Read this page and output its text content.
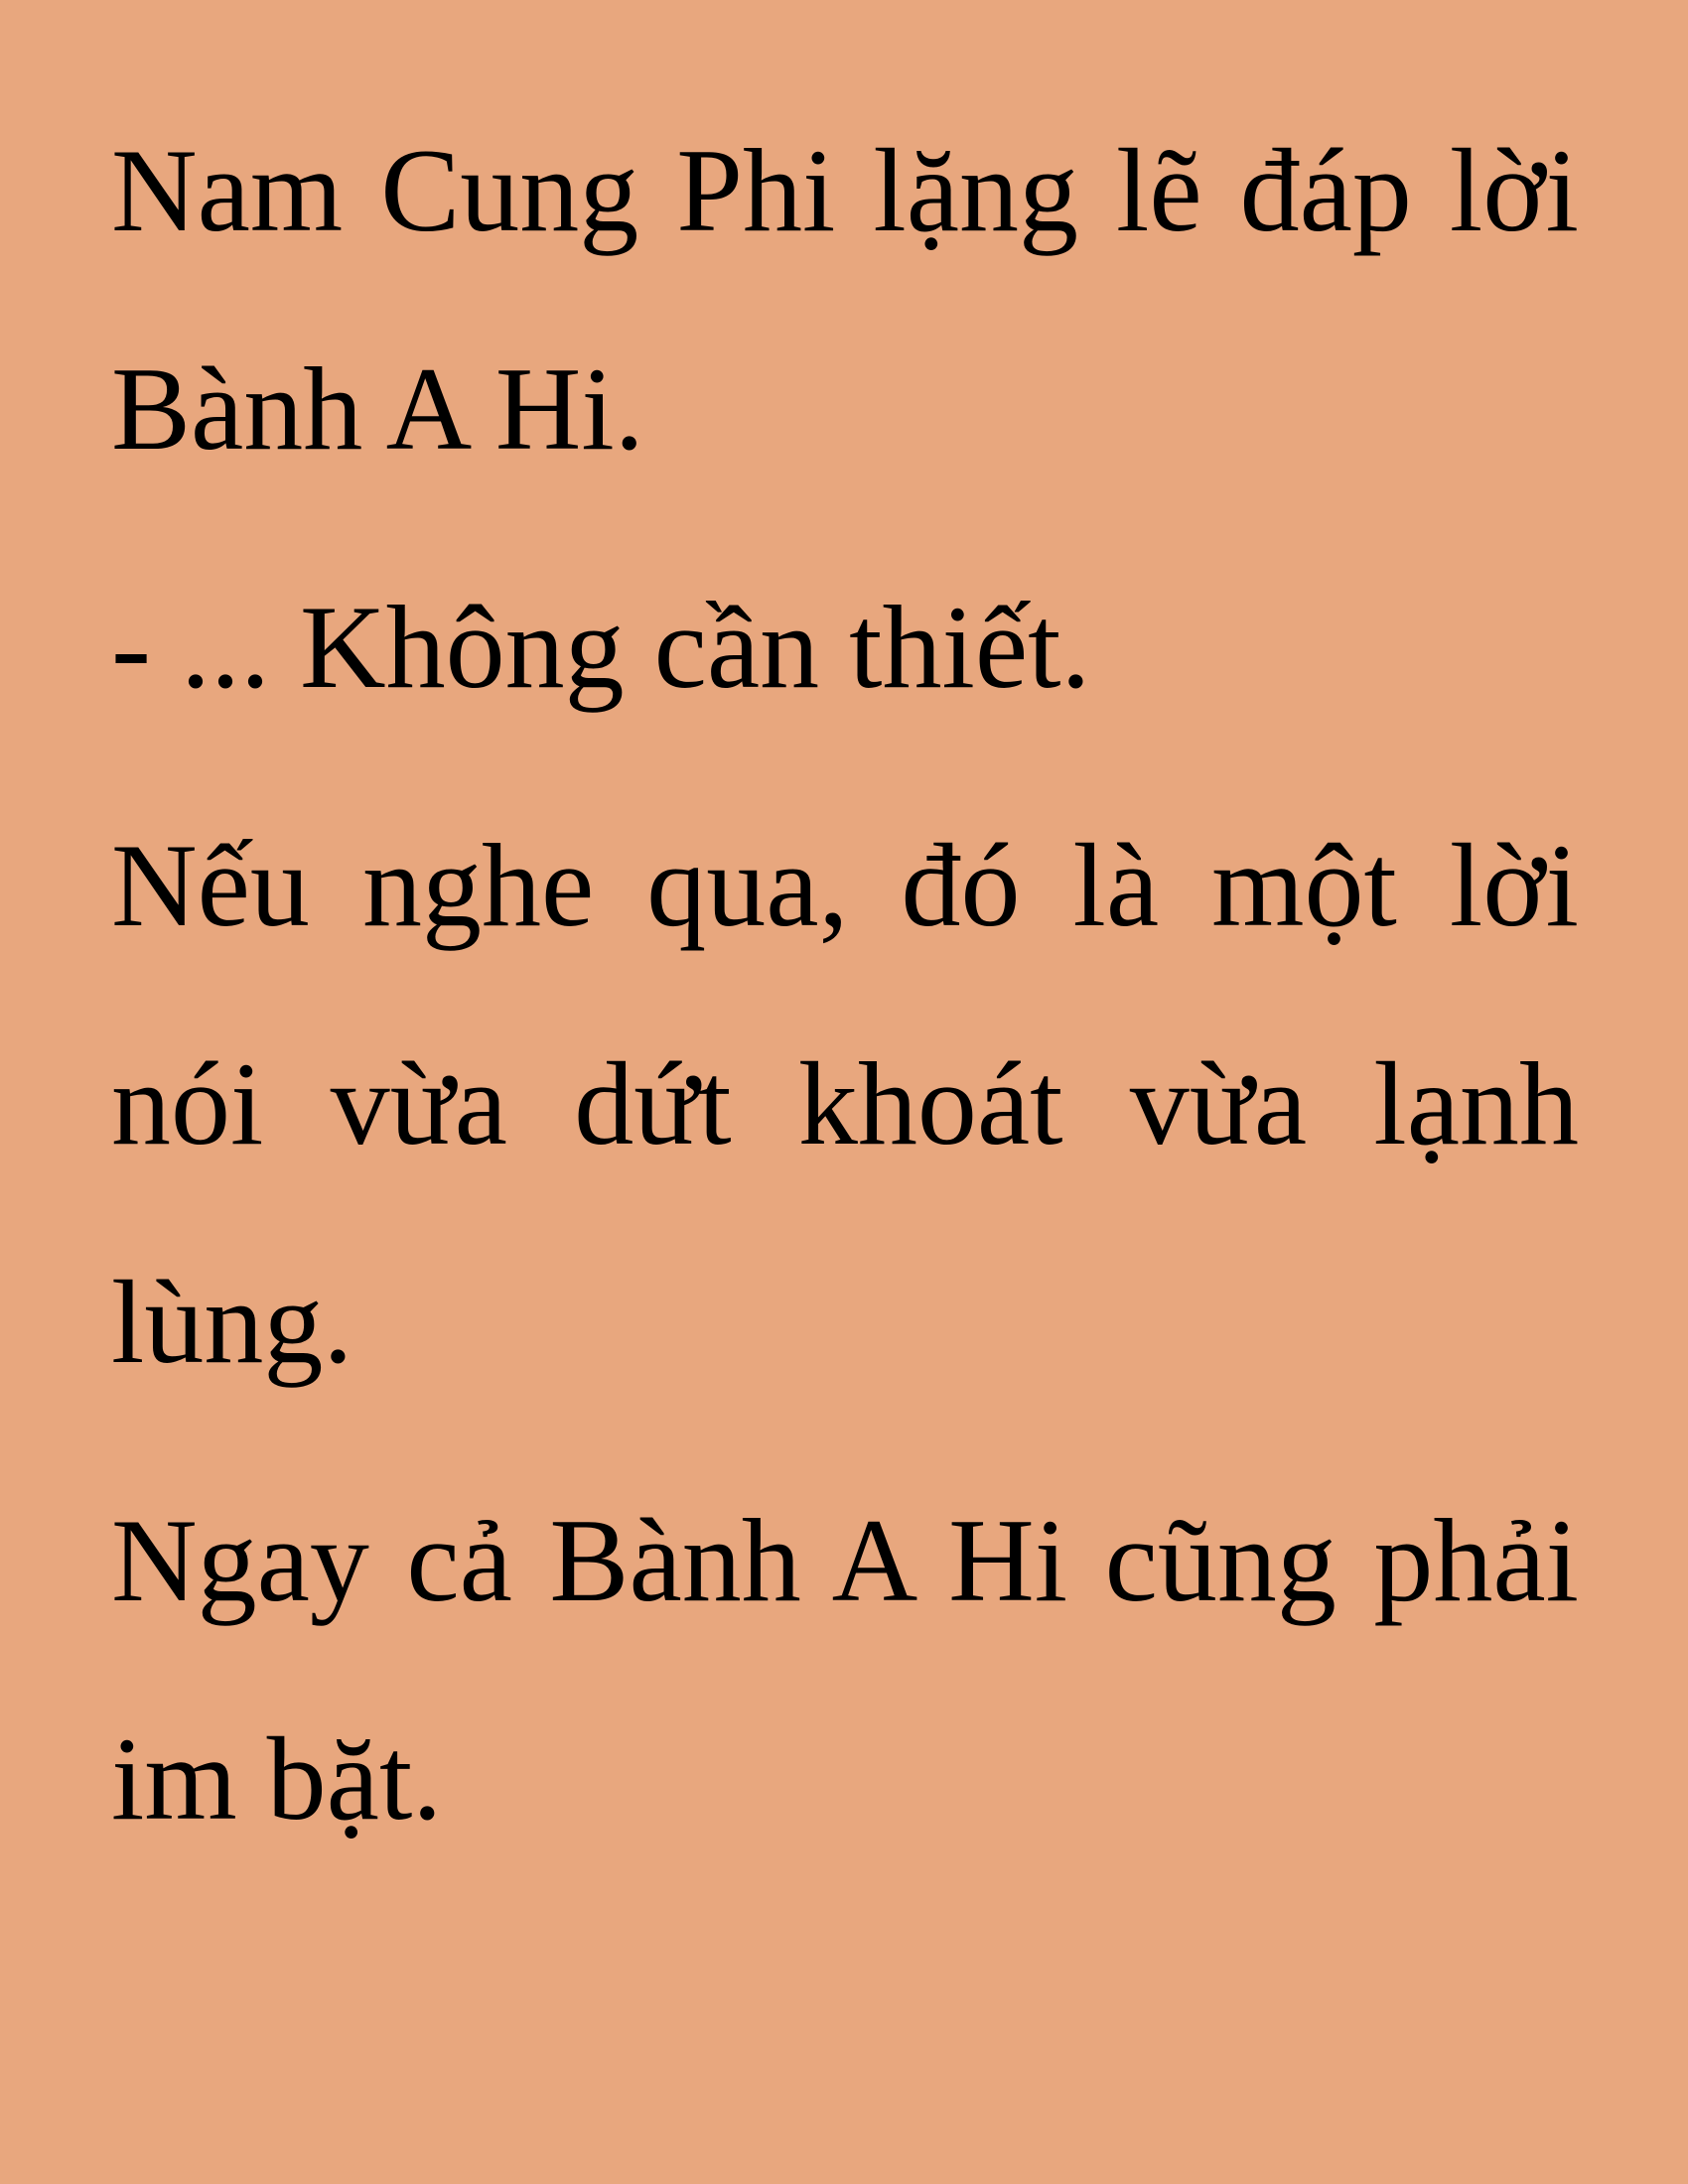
Nam Cung Phi lặng lẽ đáp lời
Bành A Hi.
- ... Không cần thiết.
Nếu nghe qua, đó là một lời
nói vừa dứt khoát vừa lạnh
lùng.
Ngay cả Bành A Hi cũng phải
im bặt.
